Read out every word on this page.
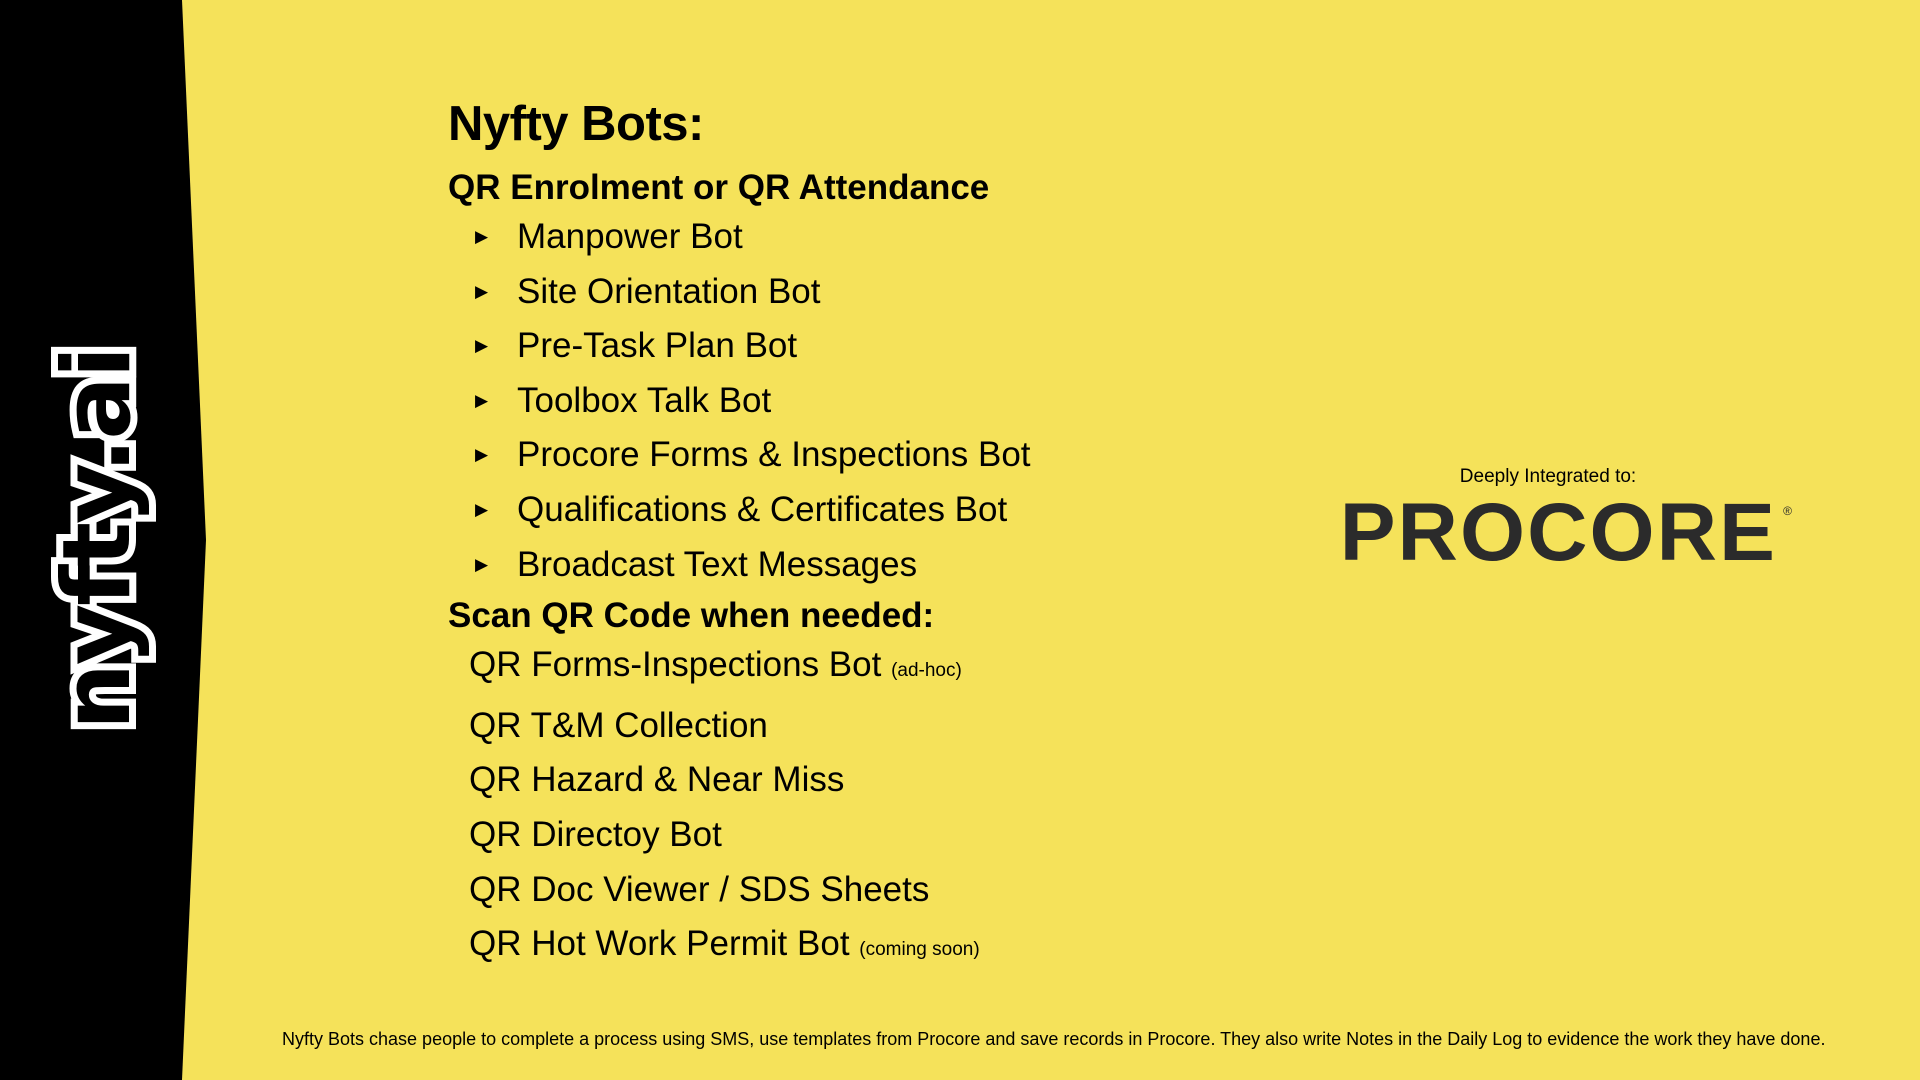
nyfty.ai
Nyfty Bots:
QR Enrolment or QR Attendance
▶ Manpower Bot
▶ Site Orientation Bot
▶ Pre-Task Plan Bot
▶ Toolbox Talk Bot
▶ Procore Forms & Inspections Bot
▶ Qualifications & Certificates Bot
▶ Broadcast Text Messages
Scan QR Code when needed:
QR Forms-Inspections Bot (ad-hoc)
QR T&M Collection
QR Hazard & Near Miss
QR Directoy Bot
QR Doc Viewer / SDS Sheets
QR Hot Work Permit Bot (coming soon)
Deeply Integrated to:
PROCORE ®
Nyfty Bots chase people to complete a process using SMS, use templates from Procore and save records in Procore. They also write Notes in the Daily Log to evidence the work they have done.
